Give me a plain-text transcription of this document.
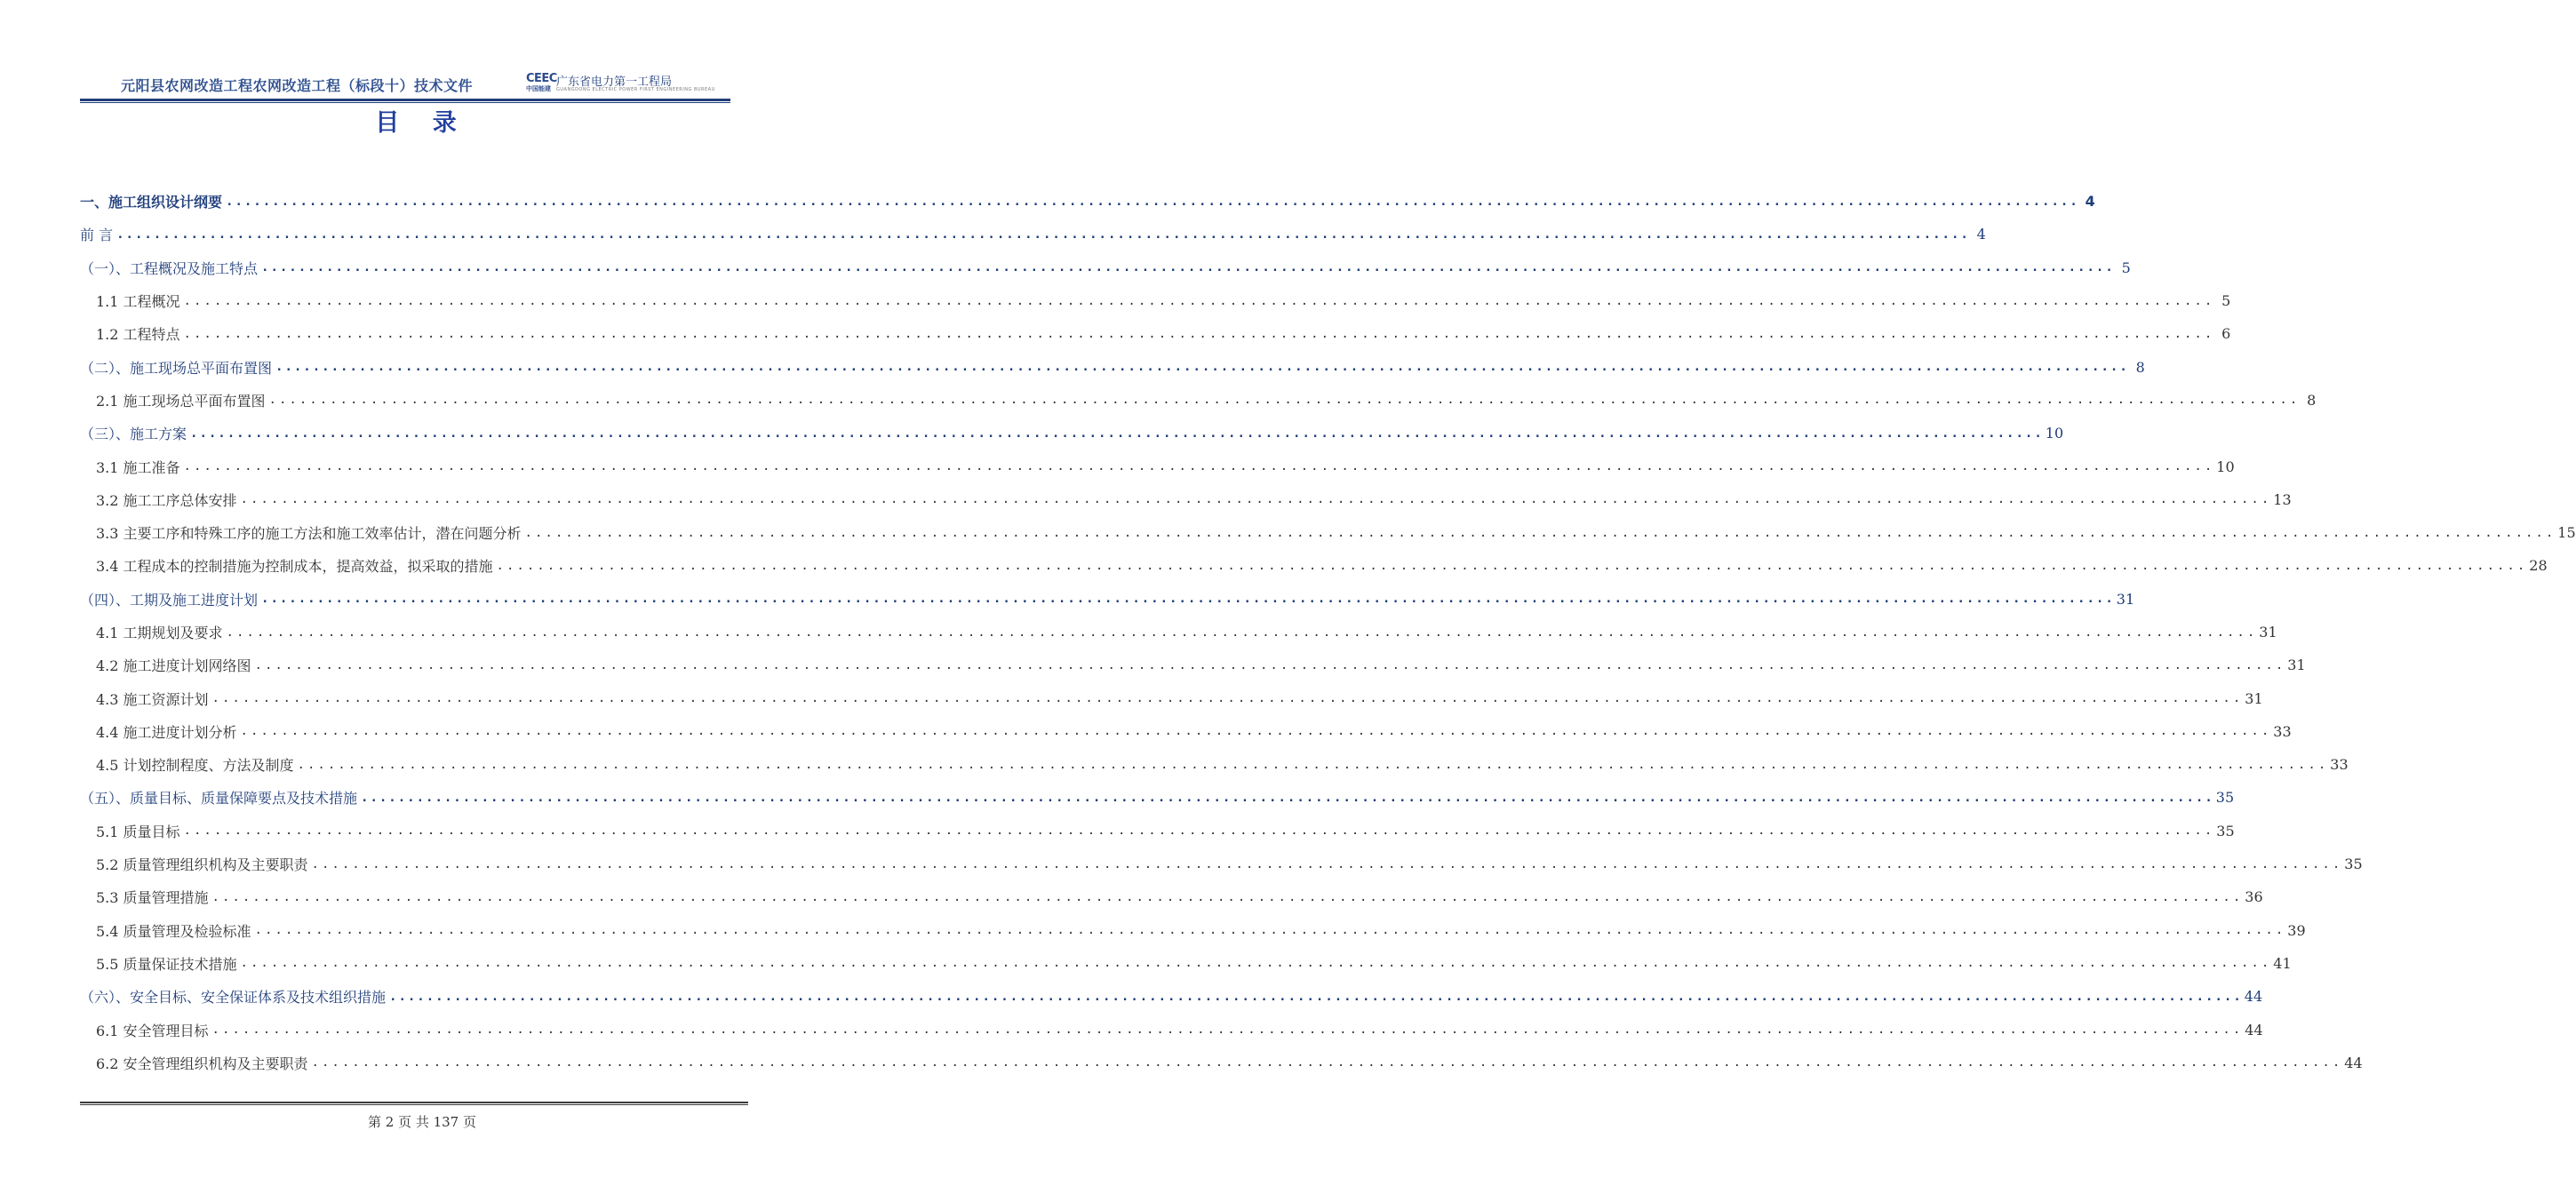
元阳县农网改造工程农网改造工程（标段十）技术文件	CEEC
中国能建 广东省电力第一工程局
GUANGDONG ELECTRIC POWER FIRST ENGINEERING BUREAU
目 录
一、施工组织设计纲要 ........................................................................................................................................................................................................ 4
前 言 ........................................................................................................................................................................................................ 4
（一）、工程概况及施工特点 ........................................................................................................................................................................................................ 5
1.1 工程概况 ........................................................................................................................................................................................................ 5
1.2 工程特点 ........................................................................................................................................................................................................ 6
（二）、施工现场总平面布置图 ........................................................................................................................................................................................................ 8
2.1 施工现场总平面布置图 ........................................................................................................................................................................................................ 8
（三）、施工方案 ........................................................................................................................................................................................................ 10
3.1 施工准备 ........................................................................................................................................................................................................ 10
3.2 施工工序总体安排 ........................................................................................................................................................................................................ 13
3.3 主要工序和特殊工序的施工方法和施工效率估计，潜在问题分析 ........................................................................................................................................................................................................ 15
3.4 工程成本的控制措施为控制成本，提高效益，拟采取的措施 ........................................................................................................................................................................................................ 28
（四）、工期及施工进度计划 ........................................................................................................................................................................................................ 31
4.1 工期规划及要求 ........................................................................................................................................................................................................ 31
4.2 施工进度计划网络图 ........................................................................................................................................................................................................ 31
4.3 施工资源计划 ........................................................................................................................................................................................................ 31
4.4 施工进度计划分析 ........................................................................................................................................................................................................ 33
4.5 计划控制程度、方法及制度 ........................................................................................................................................................................................................ 33
（五）、质量目标、质量保障要点及技术措施 ........................................................................................................................................................................................................ 35
5.1 质量目标 ........................................................................................................................................................................................................ 35
5.2 质量管理组织机构及主要职责 ........................................................................................................................................................................................................ 35
5.3 质量管理措施 ........................................................................................................................................................................................................ 36
5.4 质量管理及检验标准 ........................................................................................................................................................................................................ 39
5.5 质量保证技术措施 ........................................................................................................................................................................................................ 41
（六）、安全目标、安全保证体系及技术组织措施 ........................................................................................................................................................................................................ 44
6.1 安全管理目标 ........................................................................................................................................................................................................ 44
6.2 安全管理组织机构及主要职责 ........................................................................................................................................................................................................ 44
第 2 页 共 137 页
